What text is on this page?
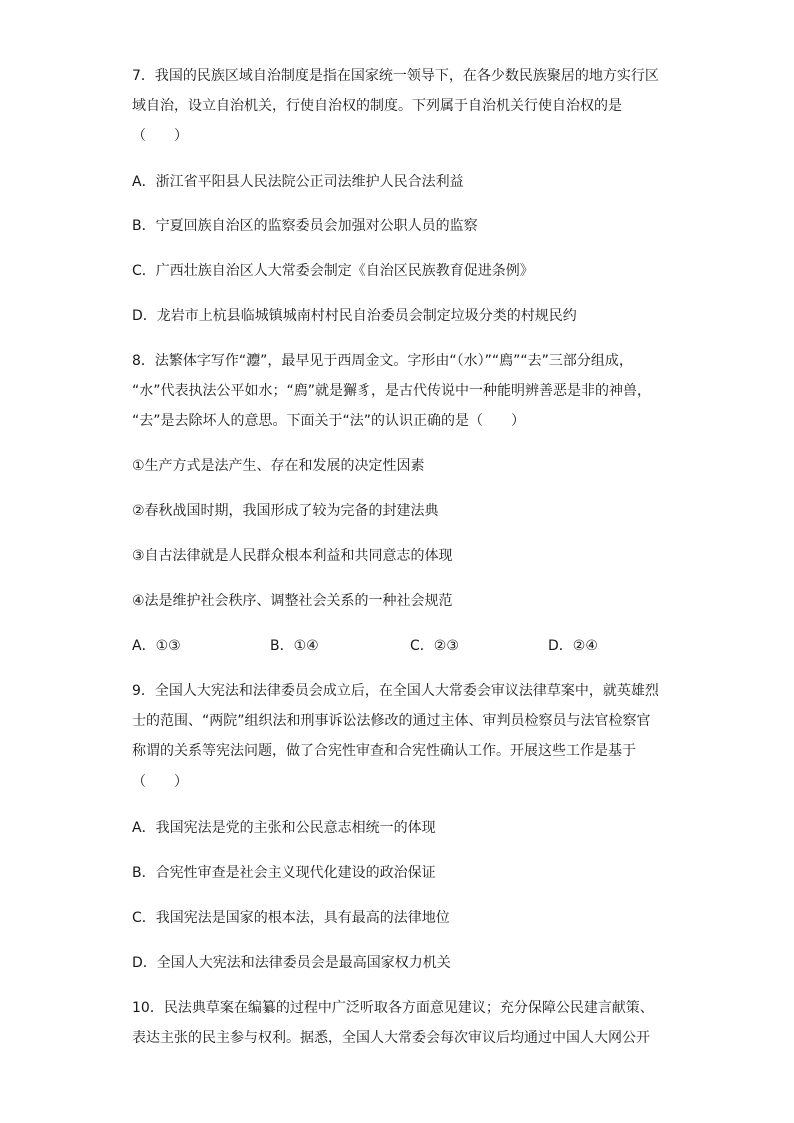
7．我国的民族区域自治制度是指在国家统一领导下，在各少数民族聚居的地方实行区
域自治，设立自治机关，行使自治权的制度。下列属于自治机关行使自治权的是
（　　）
A．浙江省平阳县人民法院公正司法维护人民合法利益
B．宁夏回族自治区的监察委员会加强对公职人员的监察
C．广西壮族自治区人大常委会制定《自治区民族教育促进条例》
D．龙岩市上杭县临城镇城南村村民自治委员会制定垃圾分类的村规民约
8．法繁体字写作“灋”，最早见于西周金文。字形由“（水）”“廌”“去”三部分组成，
“水”代表执法公平如水；“廌”就是獬豸，是古代传说中一种能明辨善恶是非的神兽，
“去”是去除坏人的意思。下面关于“法”的认识正确的是（　　）
①生产方式是法产生、存在和发展的决定性因素
②春秋战国时期，我国形成了较为完备的封建法典
③自古法律就是人民群众根本利益和共同意志的体现
④法是维护社会秩序、调整社会关系的一种社会规范
A．①③	B．①④	C．②③	D．②④
9．全国人大宪法和法律委员会成立后，在全国人大常委会审议法律草案中，就英雄烈
士的范围、“两院”组织法和刑事诉讼法修改的通过主体、审判员检察员与法官检察官
称谓的关系等宪法问题，做了合宪性审查和合宪性确认工作。开展这些工作是基于
（　　）
A．我国宪法是党的主张和公民意志相统一的体现
B．合宪性审查是社会主义现代化建设的政治保证
C．我国宪法是国家的根本法，具有最高的法律地位
D．全国人大宪法和法律委员会是最高国家权力机关
10．民法典草案在编纂的过程中广泛听取各方面意见建议；充分保障公民建言献策、
表达主张的民主参与权利。据悉，全国人大常委会每次审议后均通过中国人大网公开
